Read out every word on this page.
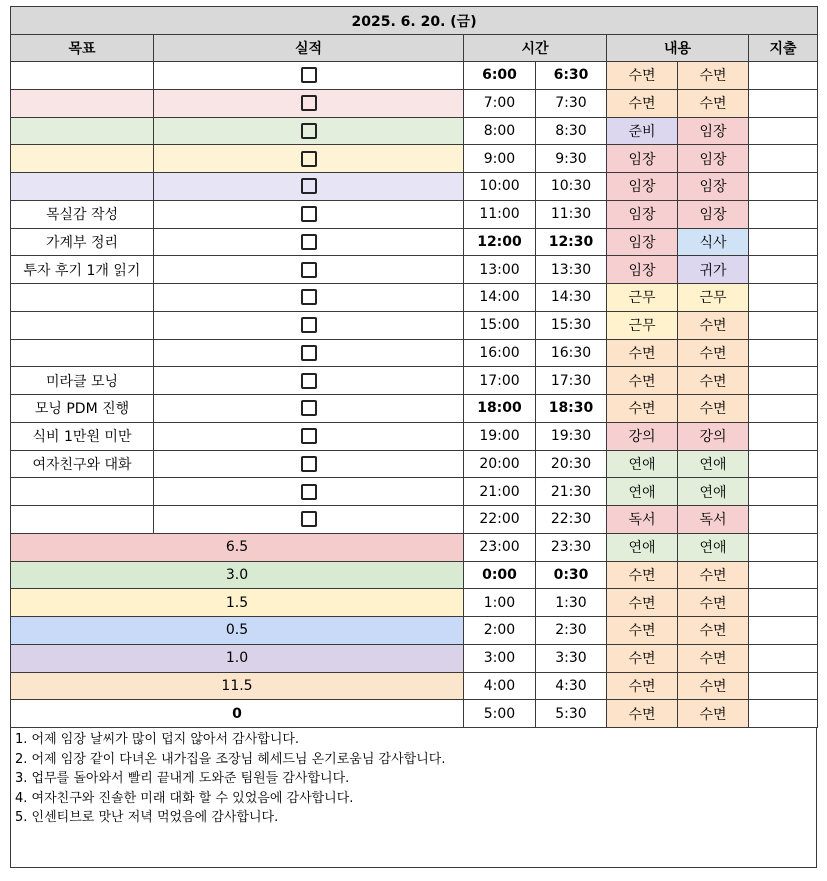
2025. 6. 20. (금)						
목표	실적	시간		내용		지출
		6:00	6:30	수면	수면	
		7:00	7:30	수면	수면	
		8:00	8:30	준비	임장	
		9:00	9:30	임장	임장	
		10:00	10:30	임장	임장	
목실감 작성		11:00	11:30	임장	임장	
가계부 정리		12:00	12:30	임장	식사	
투자 후기 1개 읽기		13:00	13:30	임장	귀가	
		14:00	14:30	근무	근무	
		15:00	15:30	근무	수면	
		16:00	16:30	수면	수면	
미라클 모닝		17:00	17:30	수면	수면	
모닝 PDM 진행		18:00	18:30	수면	수면	
식비 1만원 미만		19:00	19:30	강의	강의	
여자친구와 대화		20:00	20:30	연애	연애	
		21:00	21:30	연애	연애	
		22:00	22:30	독서	독서	
6.5		23:00	23:30	연애	연애	
3.0		0:00	0:30	수면	수면	
1.5		1:00	1:30	수면	수면	
0.5		2:00	2:30	수면	수면	
1.0		3:00	3:30	수면	수면	
11.5		4:00	4:30	수면	수면	
0		5:00	5:30	수면	수면	
1. 어제 임장 날씨가 많이 덥지 않아서 감사합니다.
2. 어제 임장 같이 다녀온 내가집을 조장님 헤세드님 온기로움님 감사합니다.
3. 업무를 돌아와서 빨리 끝내게 도와준 팀원들 감사합니다.
4. 여자친구와 진솔한 미래 대화 할 수 있었음에 감사합니다.
5. 인센티브로 맛난 저녁 먹었음에 감사합니다.
